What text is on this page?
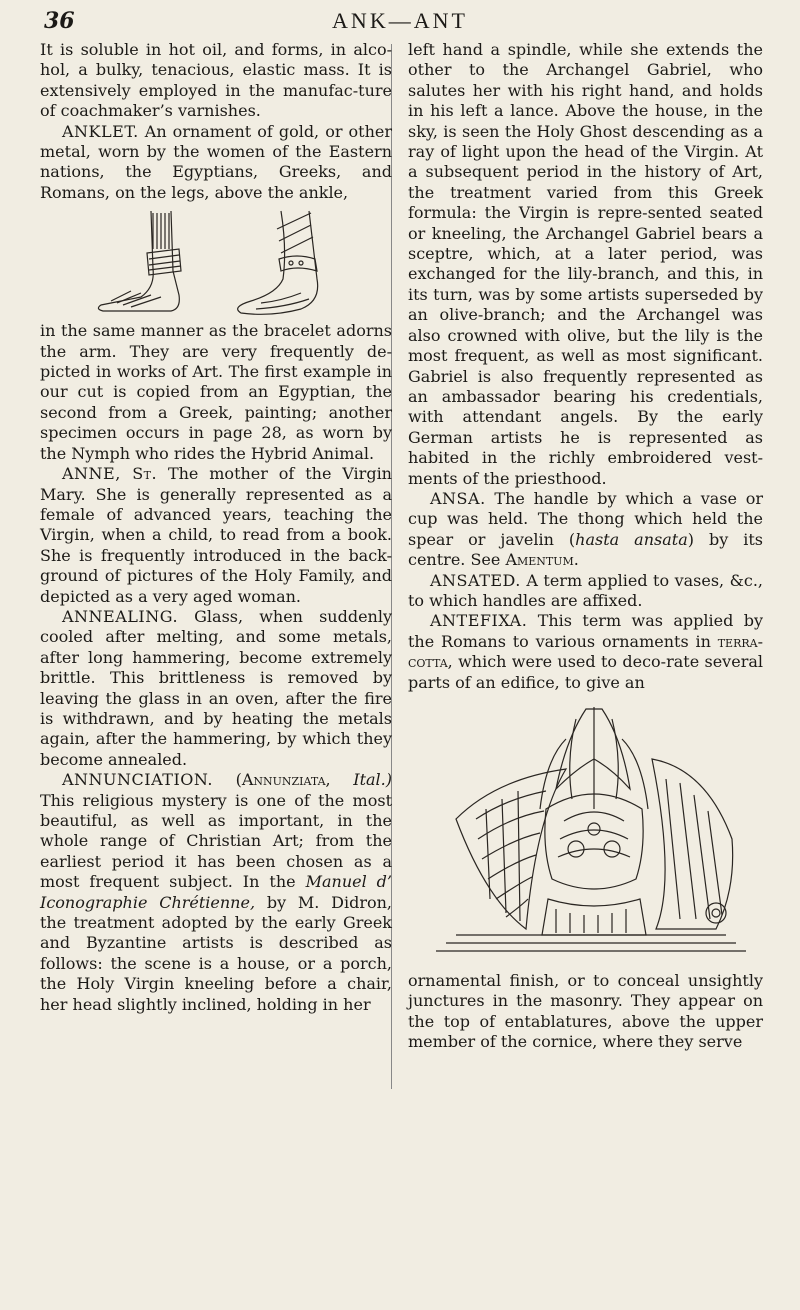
36	ANK—ANT

It is soluble in hot oil, and forms, in alco-hol, a bulky, tenacious, elastic mass. It is extensively employed in the manufac-ture of coachmaker’s varnishes.

ANKLET. An ornament of gold, or other metal, worn by the women of the Eastern nations, the Egyptians, Greeks, and Romans, on the legs, above the ankle,

in the same manner as the bracelet adorns the arm. They are very frequently de-picted in works of Art. The first example in our cut is copied from an Egyptian, the second from a Greek, painting; another specimen occurs in page 28, as worn by the Nymph who rides the Hybrid Animal.

ANNE, St. The mother of the Virgin Mary. She is generally represented as a female of advanced years, teaching the Virgin, when a child, to read from a book. She is frequently introduced in the back-ground of pictures of the Holy Family, and depicted as a very aged woman.

ANNEALING. Glass, when suddenly cooled after melting, and some metals, after long hammering, become extremely brittle. This brittleness is removed by leaving the glass in an oven, after the fire is withdrawn, and by heating the metals again, after the hammering, by which they become annealed.

ANNUNCIATION. (Annunziata, Ital.) This religious mystery is one of the most beautiful, as well as important, in the whole range of Christian Art; from the earliest period it has been chosen as a most frequent subject. In the Manuel d’ Iconographie Chrétienne, by M. Didron, the treatment adopted by the early Greek and Byzantine artists is described as follows: the scene is a house, or a porch, the Holy Virgin kneeling before a chair, her head slightly inclined, holding in her

left hand a spindle, while she extends the other to the Archangel Gabriel, who salutes her with his right hand, and holds in his left a lance. Above the house, in the sky, is seen the Holy Ghost descending as a ray of light upon the head of the Virgin. At a subsequent period in the history of Art, the treatment varied from this Greek formula: the Virgin is repre-sented seated or kneeling, the Archangel Gabriel bears a sceptre, which, at a later period, was exchanged for the lily-branch, and this, in its turn, was by some artists superseded by an olive-branch; and the Archangel was also crowned with olive, but the lily is the most frequent, as well as most significant. Gabriel is also frequently represented as an ambassador bearing his credentials, with attendant angels. By the early German artists he is represented as habited in the richly embroidered vest-ments of the priesthood.

ANSA. The handle by which a vase or cup was held. The thong which held the spear or javelin (hasta ansata) by its centre. See Amentum.

ANSATED. A term applied to vases, &c., to which handles are affixed.

ANTEFIXA. This term was applied by the Romans to various ornaments in terra-cotta, which were used to deco-rate several parts of an edifice, to give an

ornamental finish, or to conceal unsightly junctures in the masonry. They appear on the top of entablatures, above the upper member of the cornice, where they serve
